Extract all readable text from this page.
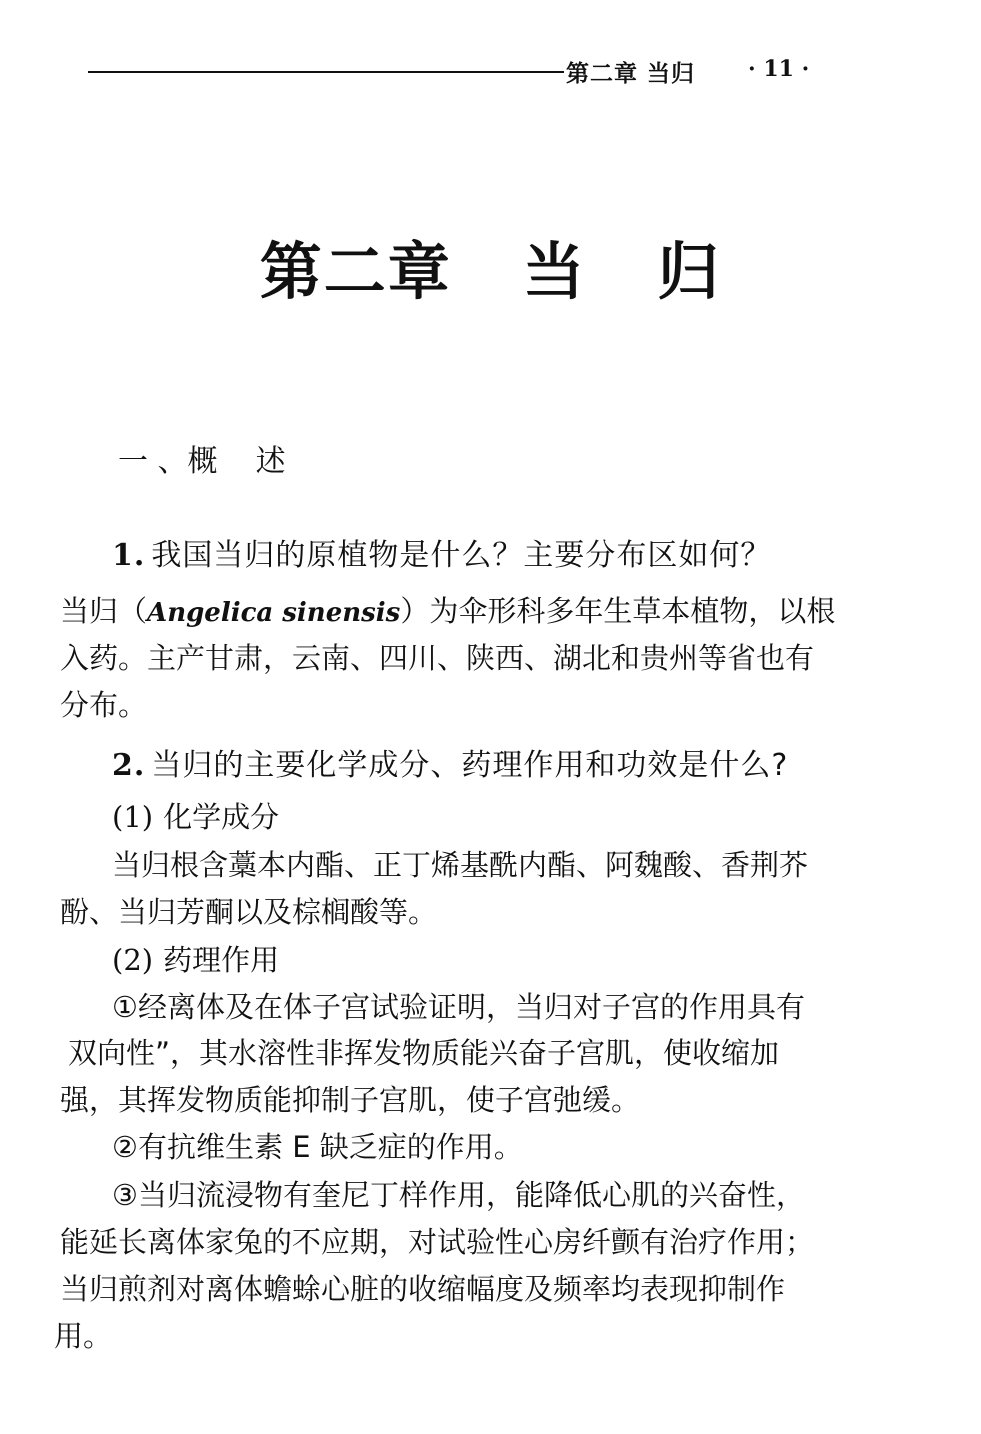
第二章 当归 · 11 ·
第二章   当   归
一 、概    述
1. 我国当归的原植物是什么？主要分布区如何？
当归（Angelica sinensis）为伞形科多年生草本植物，以根
入药。主产甘肃，云南、四川、陕西、湖北和贵州等省也有
分布。
2. 当归的主要化学成分、药理作用和功效是什么?
(1) 化学成分
当归根含藁本内酯、正丁烯基酰内酯、阿魏酸、香荆芥
酚、当归芳酮以及棕榈酸等。
(2) 药理作用
①经离体及在体子宫试验证明，当归对子宫的作用具有
双向性”，其水溶性非挥发物质能兴奋子宫肌，使收缩加
强，其挥发物质能抑制子宫肌，使子宫弛缓。
②有抗维生素 E 缺乏症的作用。
③当归流浸物有奎尼丁样作用，能降低心肌的兴奋性，
能延长离体家兔的不应期，对试验性心房纤颤有治疗作用；
当归煎剂对离体蟾蜍心脏的收缩幅度及频率均表现抑制作
用。
